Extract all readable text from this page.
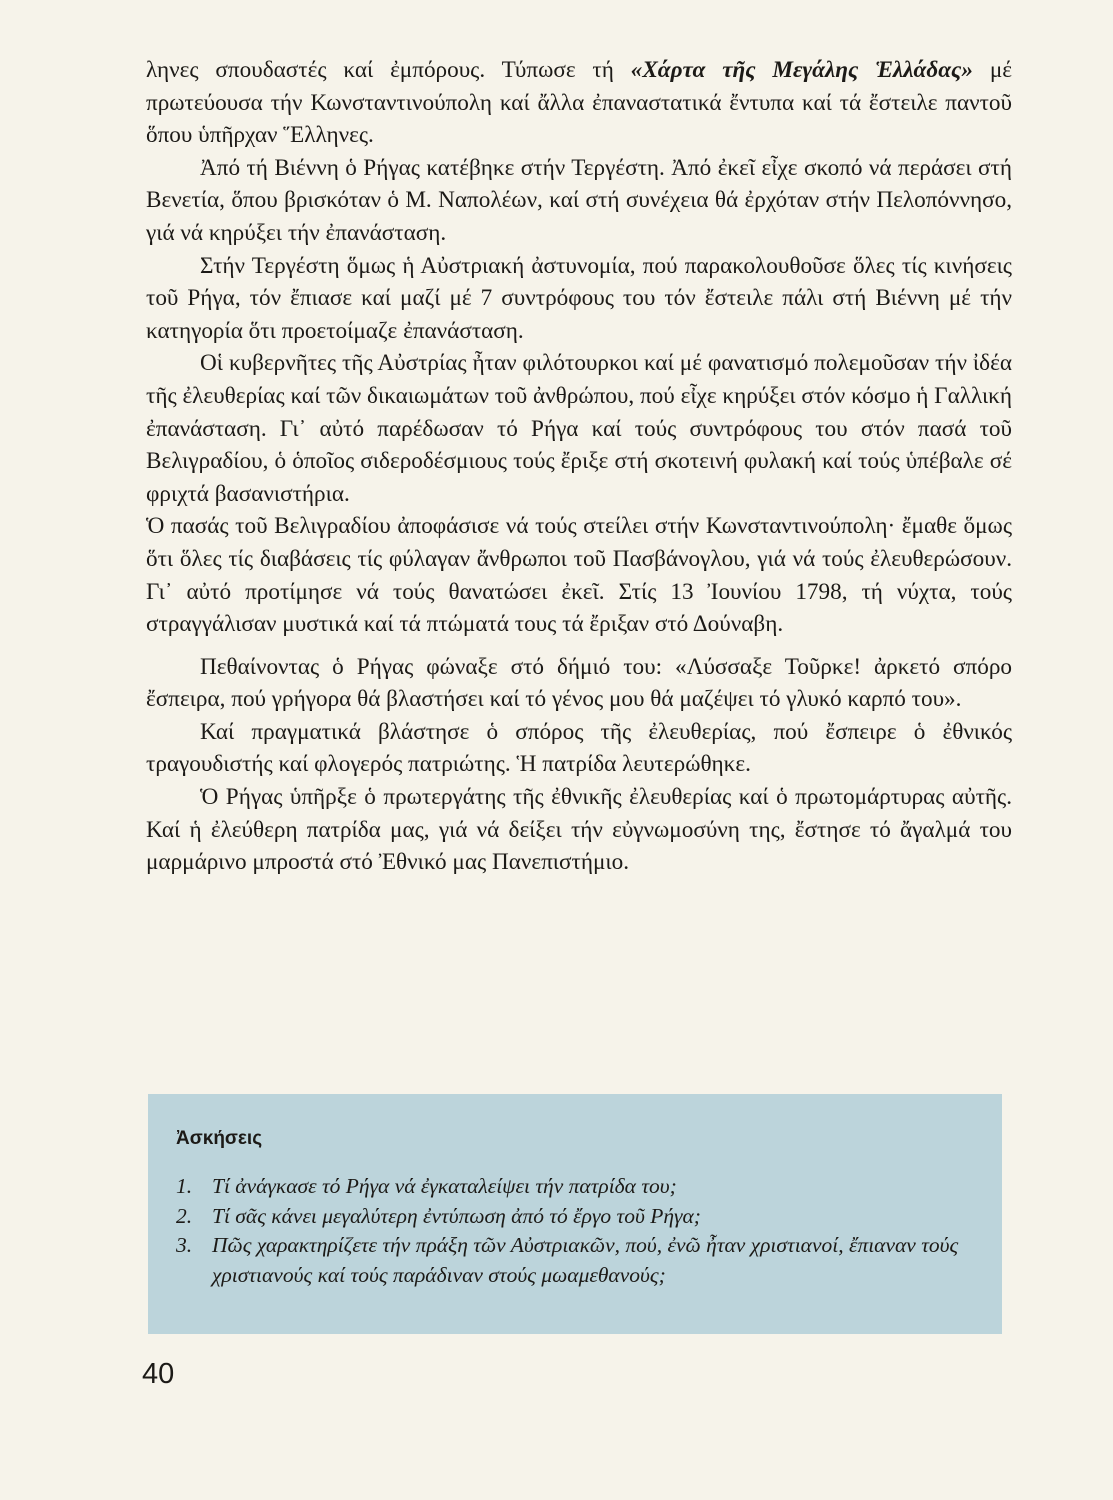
ληνες σπουδαστές καί ἐμπόρους. Τύπωσε τή «Χάρτα τῆς Μεγάλης Ἑλλάδας» μέ πρωτεύουσα τήν Κωνσταντινούπολη καί ἄλλα ἐπαναστατικά ἔντυπα καί τά ἔστειλε παντοῦ ὅπου ὑπῆρχαν Ἕλληνες.

Ἀπό τή Βιέννη ὁ Ρήγας κατέβηκε στήν Τεργέστη. Ἀπό ἐκεῖ εἶχε σκοπό νά περάσει στή Βενετία, ὅπου βρισκόταν ὁ Μ. Ναπολέων, καί στή συνέχεια θά ἐρχόταν στήν Πελοπόννησο, γιά νά κηρύξει τήν ἐπανάσταση.

Στήν Τεργέστη ὅμως ἡ Αὐστριακή ἀστυνομία, πού παρακολουθοῦσε ὅλες τίς κινήσεις τοῦ Ρήγα, τόν ἔπιασε καί μαζί μέ 7 συντρόφους του τόν ἔστειλε πάλι στή Βιέννη μέ τήν κατηγορία ὅτι προετοίμαζε ἐπανάσταση.

Οἱ κυβερνῆτες τῆς Αὐστρίας ἦταν φιλότουρκοι καί μέ φανατισμό πολεμοῦσαν τήν ἰδέα τῆς ἐλευθερίας καί τῶν δικαιωμάτων τοῦ ἀνθρώπου, πού εἶχε κηρύξει στόν κόσμο ἡ Γαλλική ἐπανάσταση. Γι᾽ αὐτό παρέδωσαν τό Ρήγα καί τούς συντρόφους του στόν πασά τοῦ Βελιγραδίου, ὁ ὁποῖος σιδεροδέσμιους τούς ἔριξε στή σκοτεινή φυλακή καί τούς ὑπέβαλε σέ φριχτά βασανιστήρια.

Ὁ πασάς τοῦ Βελιγραδίου ἀποφάσισε νά τούς στείλει στήν Κωνσταντινούπολη· ἔμαθε ὅμως ὅτι ὅλες τίς διαβάσεις τίς φύλαγαν ἄνθρωποι τοῦ Πασβάνογλου, γιά νά τούς ἐλευθερώσουν. Γι᾽ αὐτό προτίμησε νά τούς θανατώσει ἐκεῖ. Στίς 13 Ἰουνίου 1798, τή νύχτα, τούς στραγγάλισαν μυστικά καί τά πτώματά τους τά ἔριξαν στό Δούναβη.

Πεθαίνοντας ὁ Ρήγας φώναξε στό δήμιό του: «Λύσσαξε Τοῦρκε! ἀρκετό σπόρο ἔσπειρα, πού γρήγορα θά βλαστήσει καί τό γένος μου θά μαζέψει τό γλυκό καρπό του».

Καί πραγματικά βλάστησε ὁ σπόρος τῆς ἐλευθερίας, πού ἔσπειρε ὁ ἐθνικός τραγουδιστής καί φλογερός πατριώτης. Ἡ πατρίδα λευτερώθηκε.

Ὁ Ρήγας ὑπῆρξε ὁ πρωτεργάτης τῆς ἐθνικῆς ἐλευθερίας καί ὁ πρωτομάρτυρας αὐτῆς. Καί ἡ ἐλεύθερη πατρίδα μας, γιά νά δείξει τήν εὐγνωμοσύνη της, ἔστησε τό ἄγαλμά του μαρμάρινο μπροστά στό Ἐθνικό μας Πανεπιστήμιο.

Ἀσκήσεις
1. Τί ἀνάγκασε τό Ρήγα νά ἐγκαταλείψει τήν πατρίδα του;
2. Τί σᾶς κάνει μεγαλύτερη ἐντύπωση ἀπό τό ἔργο τοῦ Ρήγα;
3. Πῶς χαρακτηρίζετε τήν πράξη τῶν Αὐστριακῶν, πού, ἐνῶ ἦταν χριστιανοί, ἔπιαναν τούς χριστιανούς καί τούς παράδιναν στούς μωαμεθανούς;
40
